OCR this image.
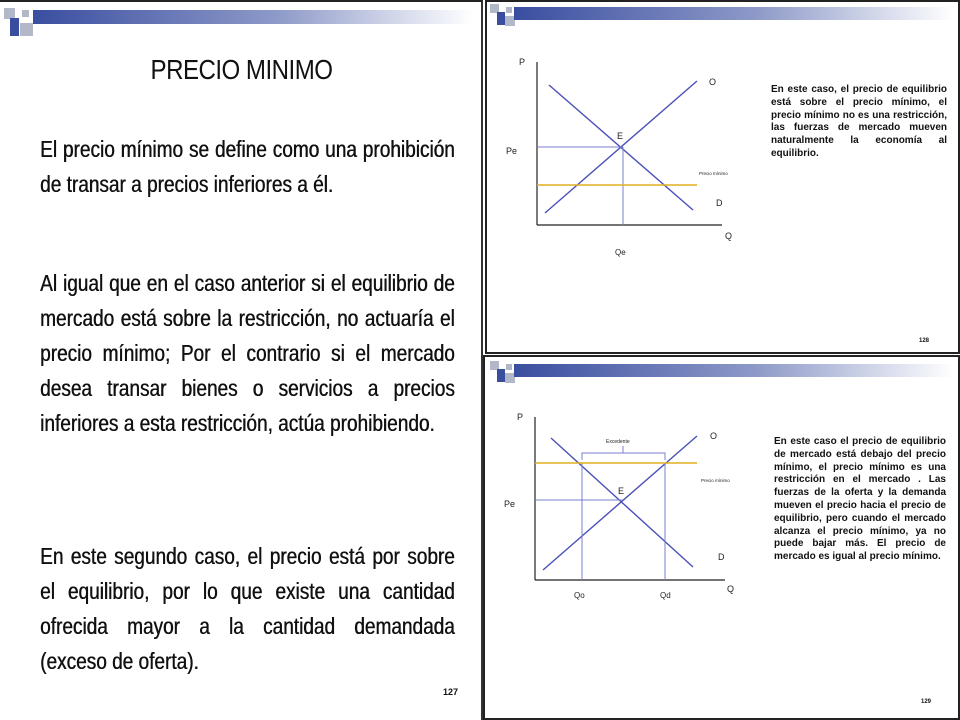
PRECIO MINIMO
El precio mínimo se define como una prohibición de transar a precios inferiores a él.
Al igual que en el caso anterior si el equilibrio de mercado está sobre la restricción, no actuaría el precio mínimo; Por el contrario si el mercado desea transar bienes o servicios a precios inferiores a esta restricción, actúa prohibiendo.
En este segundo caso, el precio está por sobre el equilibrio, por lo que existe una cantidad ofrecida mayor a la cantidad demandada (exceso de oferta).
127
P
Q
O
D
E
Pe
Qe
Precio mínimo
En este caso, el precio de equilibrio está sobre el precio mínimo, el precio mínimo no es una restricción, las fuerzas de mercado mueven naturalmente la economía al equilibrio.
128
Excedente
P
Q
O
D
E
Pe
Qo	Qd
Precio mínimo
En este caso el precio de equilibrio de mercado está debajo del precio mínimo, el precio mínimo es una restricción en el mercado . Las fuerzas de la oferta y la demanda mueven el precio hacia el precio de equilibrio, pero cuando el mercado alcanza el precio mínimo, ya no puede bajar más. El precio de mercado es igual al precio mínimo.
129
